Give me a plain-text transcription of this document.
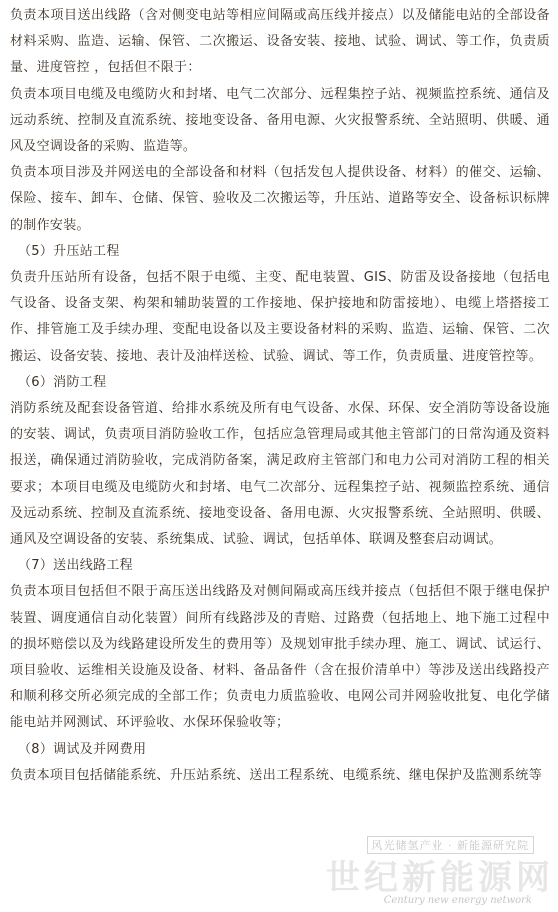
负责本项目送出线路（含对侧变电站等相应间隔或高压线并接点）以及储能电站的全部设备材料采购、监造、运输、保管、二次搬运、设备安装、接地、试验、调试、等工作，负责质量、进度管控 ，包括但不限于：

负责本项目电缆及电缆防火和封堵、电气二次部分、远程集控子站、视频监控系统、通信及远动系统、控制及直流系统、接地变设备、备用电源、火灾报警系统、全站照明、供暖、通风及空调设备的采购、监造等。

负责本项目涉及并网送电的全部设备和材料（包括发包人提供设备、材料）的催交、运输、保险、接车、卸车、仓储、保管、验收及二次搬运等，升压站、道路等安全、设备标识标牌的制作安装。

（5）升压站工程

负责升压站所有设备，包括不限于电缆、主变、配电装置、GIS、防雷及设备接地（包括电气设备、设备支架、构架和辅助装置的工作接地、保护接地和防雷接地）、电缆上塔搭接工作、排管施工及手续办理、变配电设备以及主要设备材料的采购、监造、运输、保管、二次搬运、设备安装、接地、表计及油样送检、试验、调试、等工作，负责质量、进度管控等。

（6）消防工程

消防系统及配套设备管道、给排水系统及所有电气设备、水保、环保、安全消防等设备设施的安装、调试，负责项目消防验收工作，包括应急管理局或其他主管部门的日常沟通及资料报送，确保通过消防验收，完成消防备案，满足政府主管部门和电力公司对消防工程的相关要求；本项目电缆及电缆防火和封堵、电气二次部分、远程集控子站、视频监控系统、通信及远动系统、控制及直流系统、接地变设备、备用电源、火灾报警系统、全站照明、供暖、通风及空调设备的安装、系统集成、试验、调试，包括单体、联调及整套启动调试。

（7）送出线路工程

负责本项目包括但不限于高压送出线路及对侧间隔或高压线并接点（包括但不限于继电保护装置、调度通信自动化装置）间所有线路涉及的青赔、过路费（包括地上、地下施工过程中的损坏赔偿以及为线路建设所发生的费用等）及规划审批手续办理、施工、调试、试运行、项目验收、运维相关设施及设备、材料、备品备件（含在报价清单中）等涉及送出线路投产和顺利移交所必须完成的全部工作；负责电力质监验收、电网公司并网验收批复、电化学储能电站并网测试、环评验收、水保环保验收等；

（8）调试及并网费用

负责本项目包括储能系统、升压站系统、送出工程系统、电缆系统、继电保护及监测系统等

风光储氢产业 · 新能源研究院
世纪新能源网
Century new energy network
